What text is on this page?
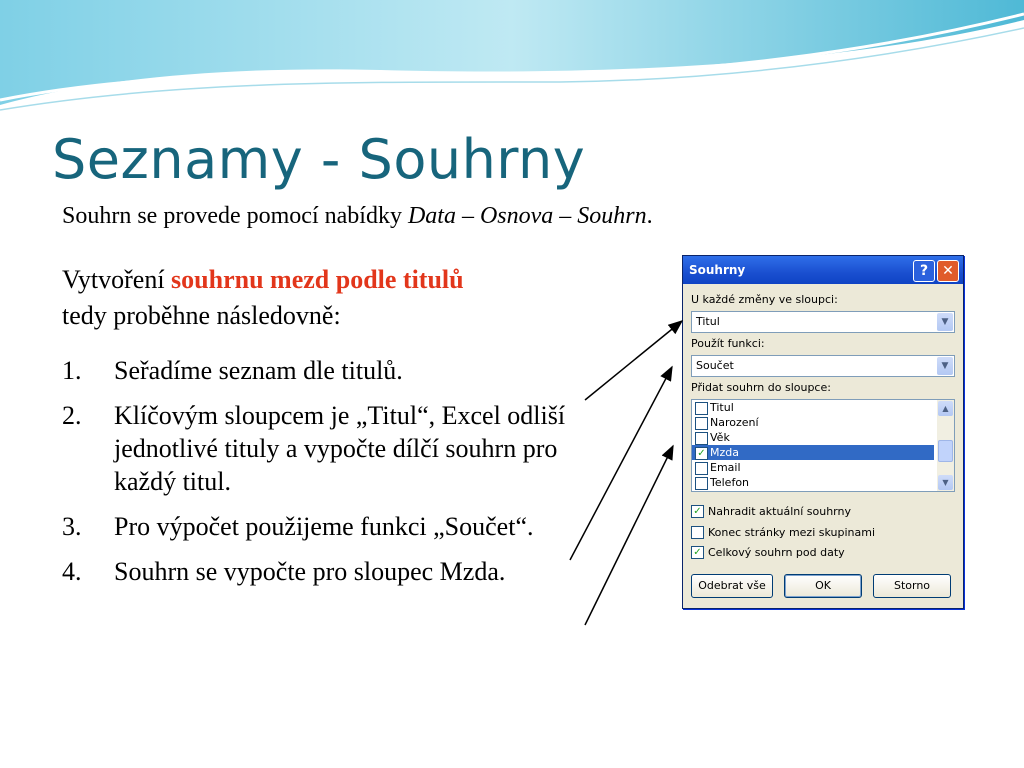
Seznamy - Souhrny
Souhrn se provede pomocí nabídky Data – Osnova – Souhrn.
Vytvoření souhrnu mezd podle titulů
tedy proběhne následovně:
1. Seřadíme seznam dle titulů.
2. Klíčovým sloupcem je „Titul“, Excel odliší jednotlivé tituly a vypočte dílčí souhrn pro každý titul.
3. Pro výpočet použijeme funkci „Součet“.
4. Souhrn se vypočte pro sloupec Mzda.
Souhrny	?	✕
U každé změny ve sloupci:
Titul	▼
Použít funkci:
Součet	▼
Přidat souhrn do sloupce:
Titul
Narození
Věk
✓ Mzda
Email
Telefon
▲
▼
✓ Nahradit aktuální souhrny
Konec stránky mezi skupinami
✓ Celkový souhrn pod daty
Odebrat vše	OK	Storno
